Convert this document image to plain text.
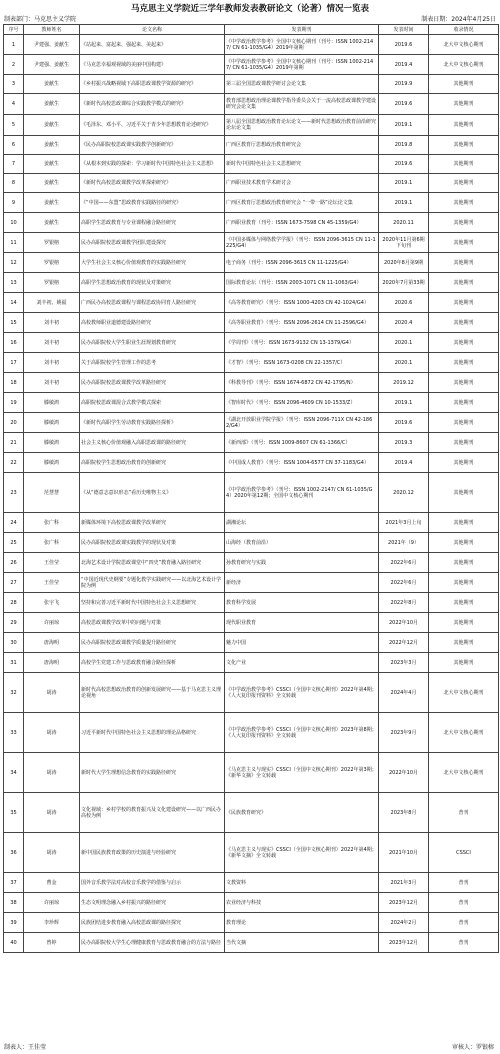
马克思主义学院近三学年教师发表教研论文（论著）情况一览表
制表部门：马克思主义学院	制表日期：2024年4月25日
序号	教师姓名	论文名称	发表期刊	发表时间	收录情况
1	尹建强、姜献生	《站起来、富起来、强起来、美起来》	《中学政治教学参考》全国中文核心期刊（刊号：ISSN 1002-2147/ CN 61-1035/G4）2019年第期	2019.6	北大中文核心期刊
2	尹建强、姜献生	《马克思幸福观视域的美丽中国构建》	《中学政治教学参考》全国中文核心期刊（刊号：ISSN 1002-2147/ CN 61-1035/G4）2019年第期	2019.4	北大中文核心期刊
3	姜献生	《乡村振兴战略视域下高职思政课教学资源的研究》	第三届全国思政课教学研讨会论文集	2019.9	其他期刊
4	姜献生	《新时代高校思政课综合实践教学模式的研究》	教育部思想政治理论课教学指导委员会关于一流高校思政课教学建设研究会论文集	2019.6	其他期刊
5	姜献生	《毛泽东、邓小平、习近平关于青少年思想教育论述研究》	第八届全国思想政治教育论坛论文——新时代思想政治教育前沿研究论坛论文集	2019.1	其他期刊
6	姜献生	《民办高职院校思政课实践教学创新研究》	广西区教育厅思想政治教育研究会	2019.8	其他期刊
7	姜献生	《从根本到实践的探索：学习新时代中国特色社会主义思想》	新时代中国特色社会主义思想研究	2019.6	其他期刊
8	姜献生	《新时代高校思政课教学改革探索研究》	广西职业技术教育学术研讨会	2019.1	其他期刊
9	姜献生	《“中国——东盟”思政教育实践路径的研究》	广西区教育厅思想政治教育研究会 “一带一路”论坛论文集	2019.1	其他期刊
10	姜献生	高职学生思政教育与专业课程融合路径研究	广西职业教育（刊号：ISSN 1673-7598 CN 45-1359/G4）	2020.11	其他期刊
11	罗银榕	民办高职院校思政课教学团队建设探究	《中国多媒体与网络教学学报》（刊号：ISSN 2096-3615 CN 11-1225/G4）	2020年11月第6期下旬刊	其他期刊
12	罗银榕	大学生社会主义核心价值观教育的实践路径研究	电子商务（刊号：ISSN 2096-3615 CN 11-1225/G4）	2020年8月第9期	其他期刊
13	罗银榕	高职学生思想政治教育的现状及对策研究	国际教育论坛（刊号：ISSN 2003-1071 CN 11-1063/G4）	2020年7月第33期	其他期刊
14	刘丰初、姚福	广西民办高校思政课程与课程思政协同育人路径研究	《高等教育研究》（刊号：ISSN 1000-4203 CN 42-1024/G4）	2020.6	其他期刊
15	刘丰初	高校教师职业道德建设路径研究	《高等职业教育》（刊号：ISSN 2096-2614 CN 11-2596/G4）	2020.4	其他期刊
16	刘丰初	民办高职院校大学生职业生涯规划教育研究	《学周刊》（刊号：ISSN 1673-9132 CN 13-1379/G4）	2020.1	其他期刊
17	刘丰初	关于高职院校学生管理工作的思考	《才智》（刊号：ISSN 1673-0208 CN 22-1357/C）	2020.1	其他期刊
18	刘丰初	民办高职院校思政课教学改革路径研究	《科教导刊》（刊号：ISSN 1674-6872 CN 42-1795/N）	2019.12	其他期刊
19	滕敏鸿	高职院校思政课混合式教学模式探索	《智库时代》（刊号：ISSN 2096-4609 CN 10-1533/Z）	2019.1	其他期刊
20	滕敏鸿	《新时代高职学生劳动教育实践路径探析》	《湖北开放职业学院学报》（刊号：ISSN 2096-711X CN 42-1862/G4）	2019.6	其他期刊
21	滕敏鸿	社会主义核心价值观融入高职思政课的路径研究	《新西部》（刊号：ISSN 1009-8607 CN 61-1366/C）	2019.3	其他期刊
22	滕敏鸿	高职院校学生思想政治教育的创新研究	《中国成人教育》（刊号：ISSN 1004-6577 CN 37-1183/G4）	2019.4	其他期刊
23	范慧慧	《从“德意志意识形态”看历史唯物主义》	《中学政治教学参考》（刊号：ISSN 1002-2147/ CN 61-1035/G4）2020年第12期；全国中文核心期刊	2020.12	其他期刊
24	张广科	新媒体环境下高校思政课教学改革研究	湖湘论坛	2021年3月上旬	其他期刊
25	张广科	民办高职院校思政课实践教学的现状及对策	山海经（教育前沿）	2021年（9）	其他期刊
26	王佳莹	北海艺术设计学院思政课堂中“四史”教育融入路径研究	孙教育研究与实践	2022年6月	其他期刊
27	王佳莹	“中国近现代史纲要”专题化教学实践研究——以北海艺术设计学院为例	新经济	2022年6月	其他期刊
28	张宇飞	坚持和完善习近平新时代中国特色社会主义思想研究	教育科学发展	2022年8月	其他期刊
29	许丽琼	高校思政课教学改革中的问题与对策	现代职业教育	2022年10月	其他期刊
30	唐海明	民办高职院校思政课教学质量提升路径研究	魅力中国	2022年12月	其他期刊
31	唐海明	高校学生党建工作与思政教育融合路径探析	文化产业	2023年3月	其他期刊
32	胡涛	新时代高校思想政治教育的创新发展研究——基于马克思主义理论视角	《中学政治教学参考》CSSCI（全国中文核心期刊）2022年第4期；《人大复印报刊资料》全文转载	2024年4月	北大中文核心期刊
33	胡涛	习近平新时代中国特色社会主义思想的理论品格研究	《中学政治教学参考》CSSCI（全国中文核心期刊）2023年第8期；《人大复印报刊资料》全文转载	2023年9月	北大中文核心期刊
34	胡涛	新时代大学生理想信念教育的实践路径研究	《马克思主义与现实》CSSCI（全国中文核心期刊）2022年第3期；《新华文摘》全文转载	2022年10月	北大中文核心期刊
35	胡涛	文化视域：乡村学校的教育振兴及文化建设研究——以广西民办高校为例	《民族教育研究》	2023年8月	普刊
36	胡涛	新中国民族教育政策的历史演进与经验研究	《马克思主义与现实》CSSCI（全国中文核心期刊）2022年第4期；《新华文摘》全文转载	2021年10月	CSSCI
37	曹金	国外音乐教学法对高校音乐教学的借鉴与启示	文教资料	2021年3月	普刊
38	许丽琼	生态文明理念融入乡村振兴的路径研究	农业经济与科技	2023年12月	普刊
39	李珍辉	民族团结进步教育融入高校思政课的路径探究	教育理论	2024年2月	普刊
40	曾婷	民办高职院校大学生心理健康教育与思政教育融合的方法与路径	当代文摘	2023年12月	普刊
制表人：王佳莹	审核人：罗银榕
